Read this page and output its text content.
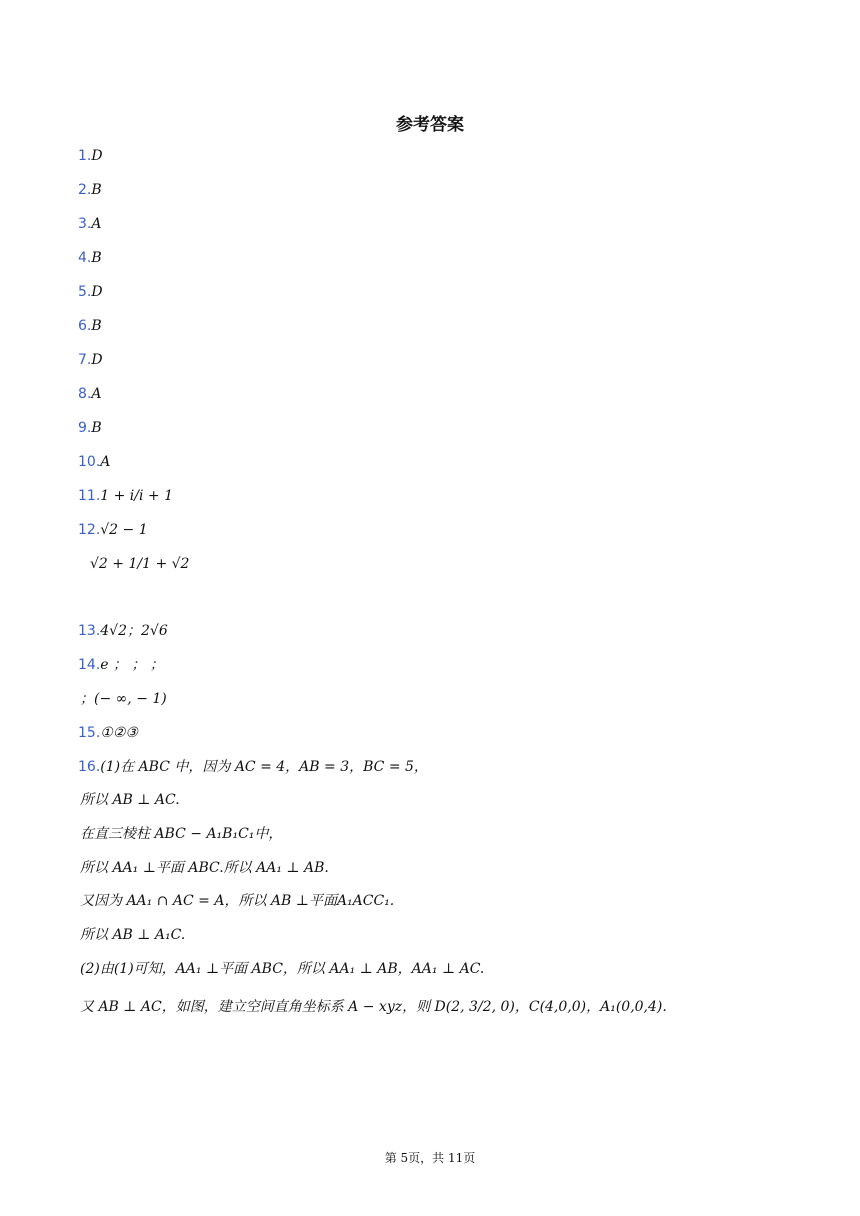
参考答案
1.D
2.B
3.A
4.B
5.D
6.B
7.D
8.A
9.B
10.A
11.1 + i/i + 1
12.√2 − 1
√2 + 1/1 + √2
13.4√2；2√6
14.e ； ； ；
；(− ∞, − 1)
15.①②③
16.(1)在 ABC 中，因为 AC = 4，AB = 3，BC = 5，
所以 AB ⊥ AC.
在直三棱柱 ABC − A₁B₁C₁中，
所以 AA₁ ⊥平面 ABC.所以 AA₁ ⊥ AB.
又因为 AA₁ ∩ AC = A，所以 AB ⊥平面A₁ACC₁.
所以 AB ⊥ A₁C.
(2)由(1)可知，AA₁ ⊥平面 ABC，所以 AA₁ ⊥ AB，AA₁ ⊥ AC.
又 AB ⊥ AC，如图，建立空间直角坐标系 A − xyz，则 D(2, 3/2, 0)，C(4,0,0)，A₁(0,0,4).
第 5页，共 11页
